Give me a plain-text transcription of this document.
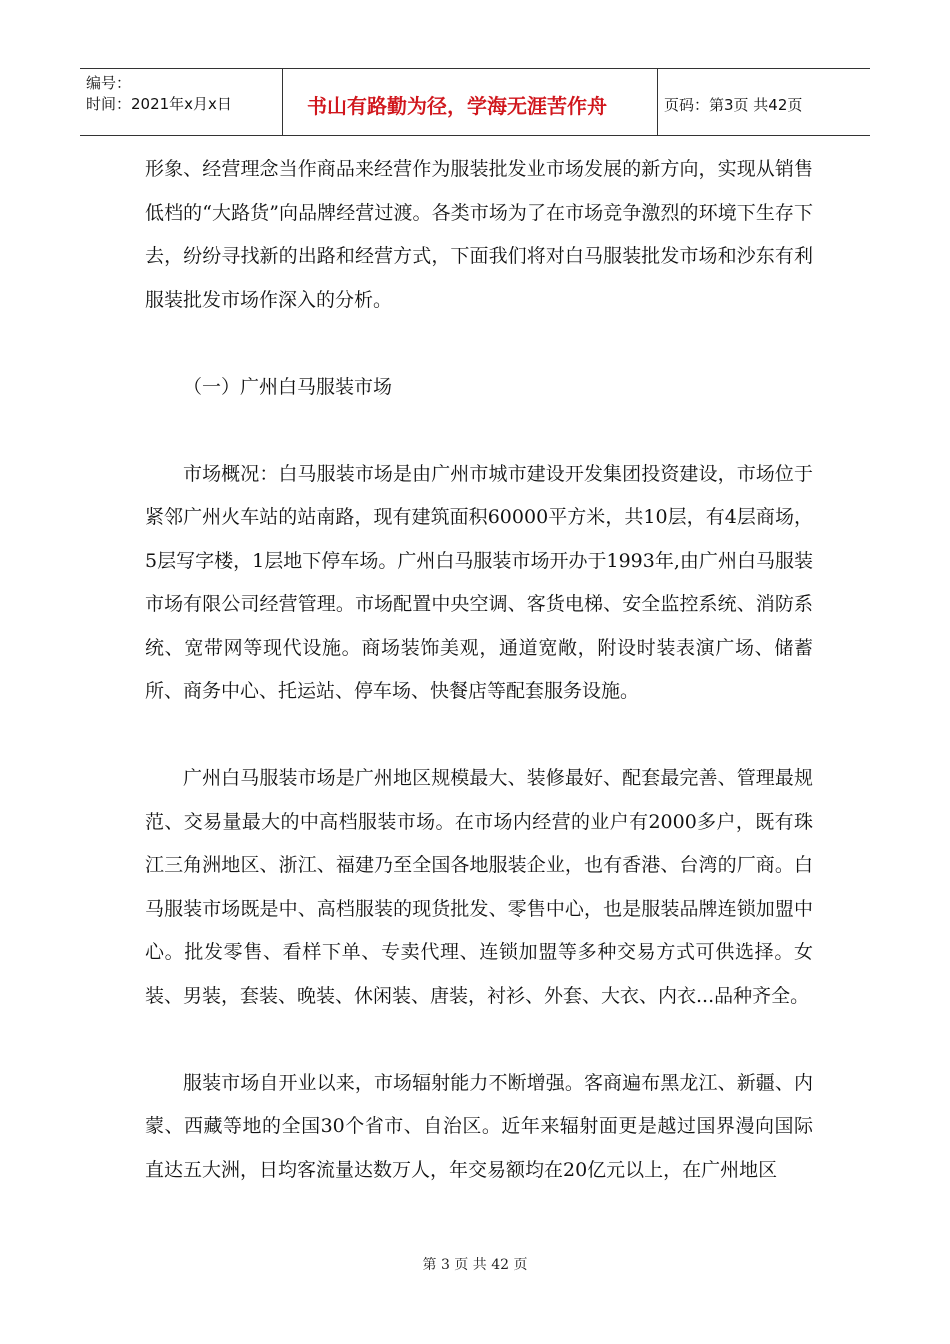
编号：
时间：2021年x月x日	书山有路勤为径，学海无涯苦作舟	页码：第3页 共42页

形象、经营理念当作商品来经营作为服装批发业市场发展的新方向，实现从销售低档的“大路货”向品牌经营过渡。各类市场为了在市场竞争激烈的环境下生存下去，纷纷寻找新的出路和经营方式，下面我们将对白马服装批发市场和沙东有利服装批发市场作深入的分析。

（一）广州白马服装市场

市场概况：白马服装市场是由广州市城市建设开发集团投资建设，市场位于紧邻广州火车站的站南路，现有建筑面积60000平方米，共10层，有4层商场，5层写字楼，1层地下停车场。广州白马服装市场开办于1993年,由广州白马服装市场有限公司经营管理。市场配置中央空调、客货电梯、安全监控系统、消防系统、宽带网等现代设施。商场装饰美观，通道宽敞，附设时装表演广场、储蓄所、商务中心、托运站、停车场、快餐店等配套服务设施。

广州白马服装市场是广州地区规模最大、装修最好、配套最完善、管理最规范、交易量最大的中高档服装市场。在市场内经营的业户有2000多户，既有珠江三角洲地区、浙江、福建乃至全国各地服装企业，也有香港、台湾的厂商。白马服装市场既是中、高档服装的现货批发、零售中心，也是服装品牌连锁加盟中心。批发零售、看样下单、专卖代理、连锁加盟等多种交易方式可供选择。女装、男装，套装、晚装、休闲装、唐装，衬衫、外套、大衣、内衣...品种齐全。

服装市场自开业以来，市场辐射能力不断增强。客商遍布黑龙江、新疆、内蒙、西藏等地的全国30个省市、自治区。近年来辐射面更是越过国界漫向国际直达五大洲，日均客流量达数万人，年交易额均在20亿元以上，在广州地区

第 3 页 共 42 页
